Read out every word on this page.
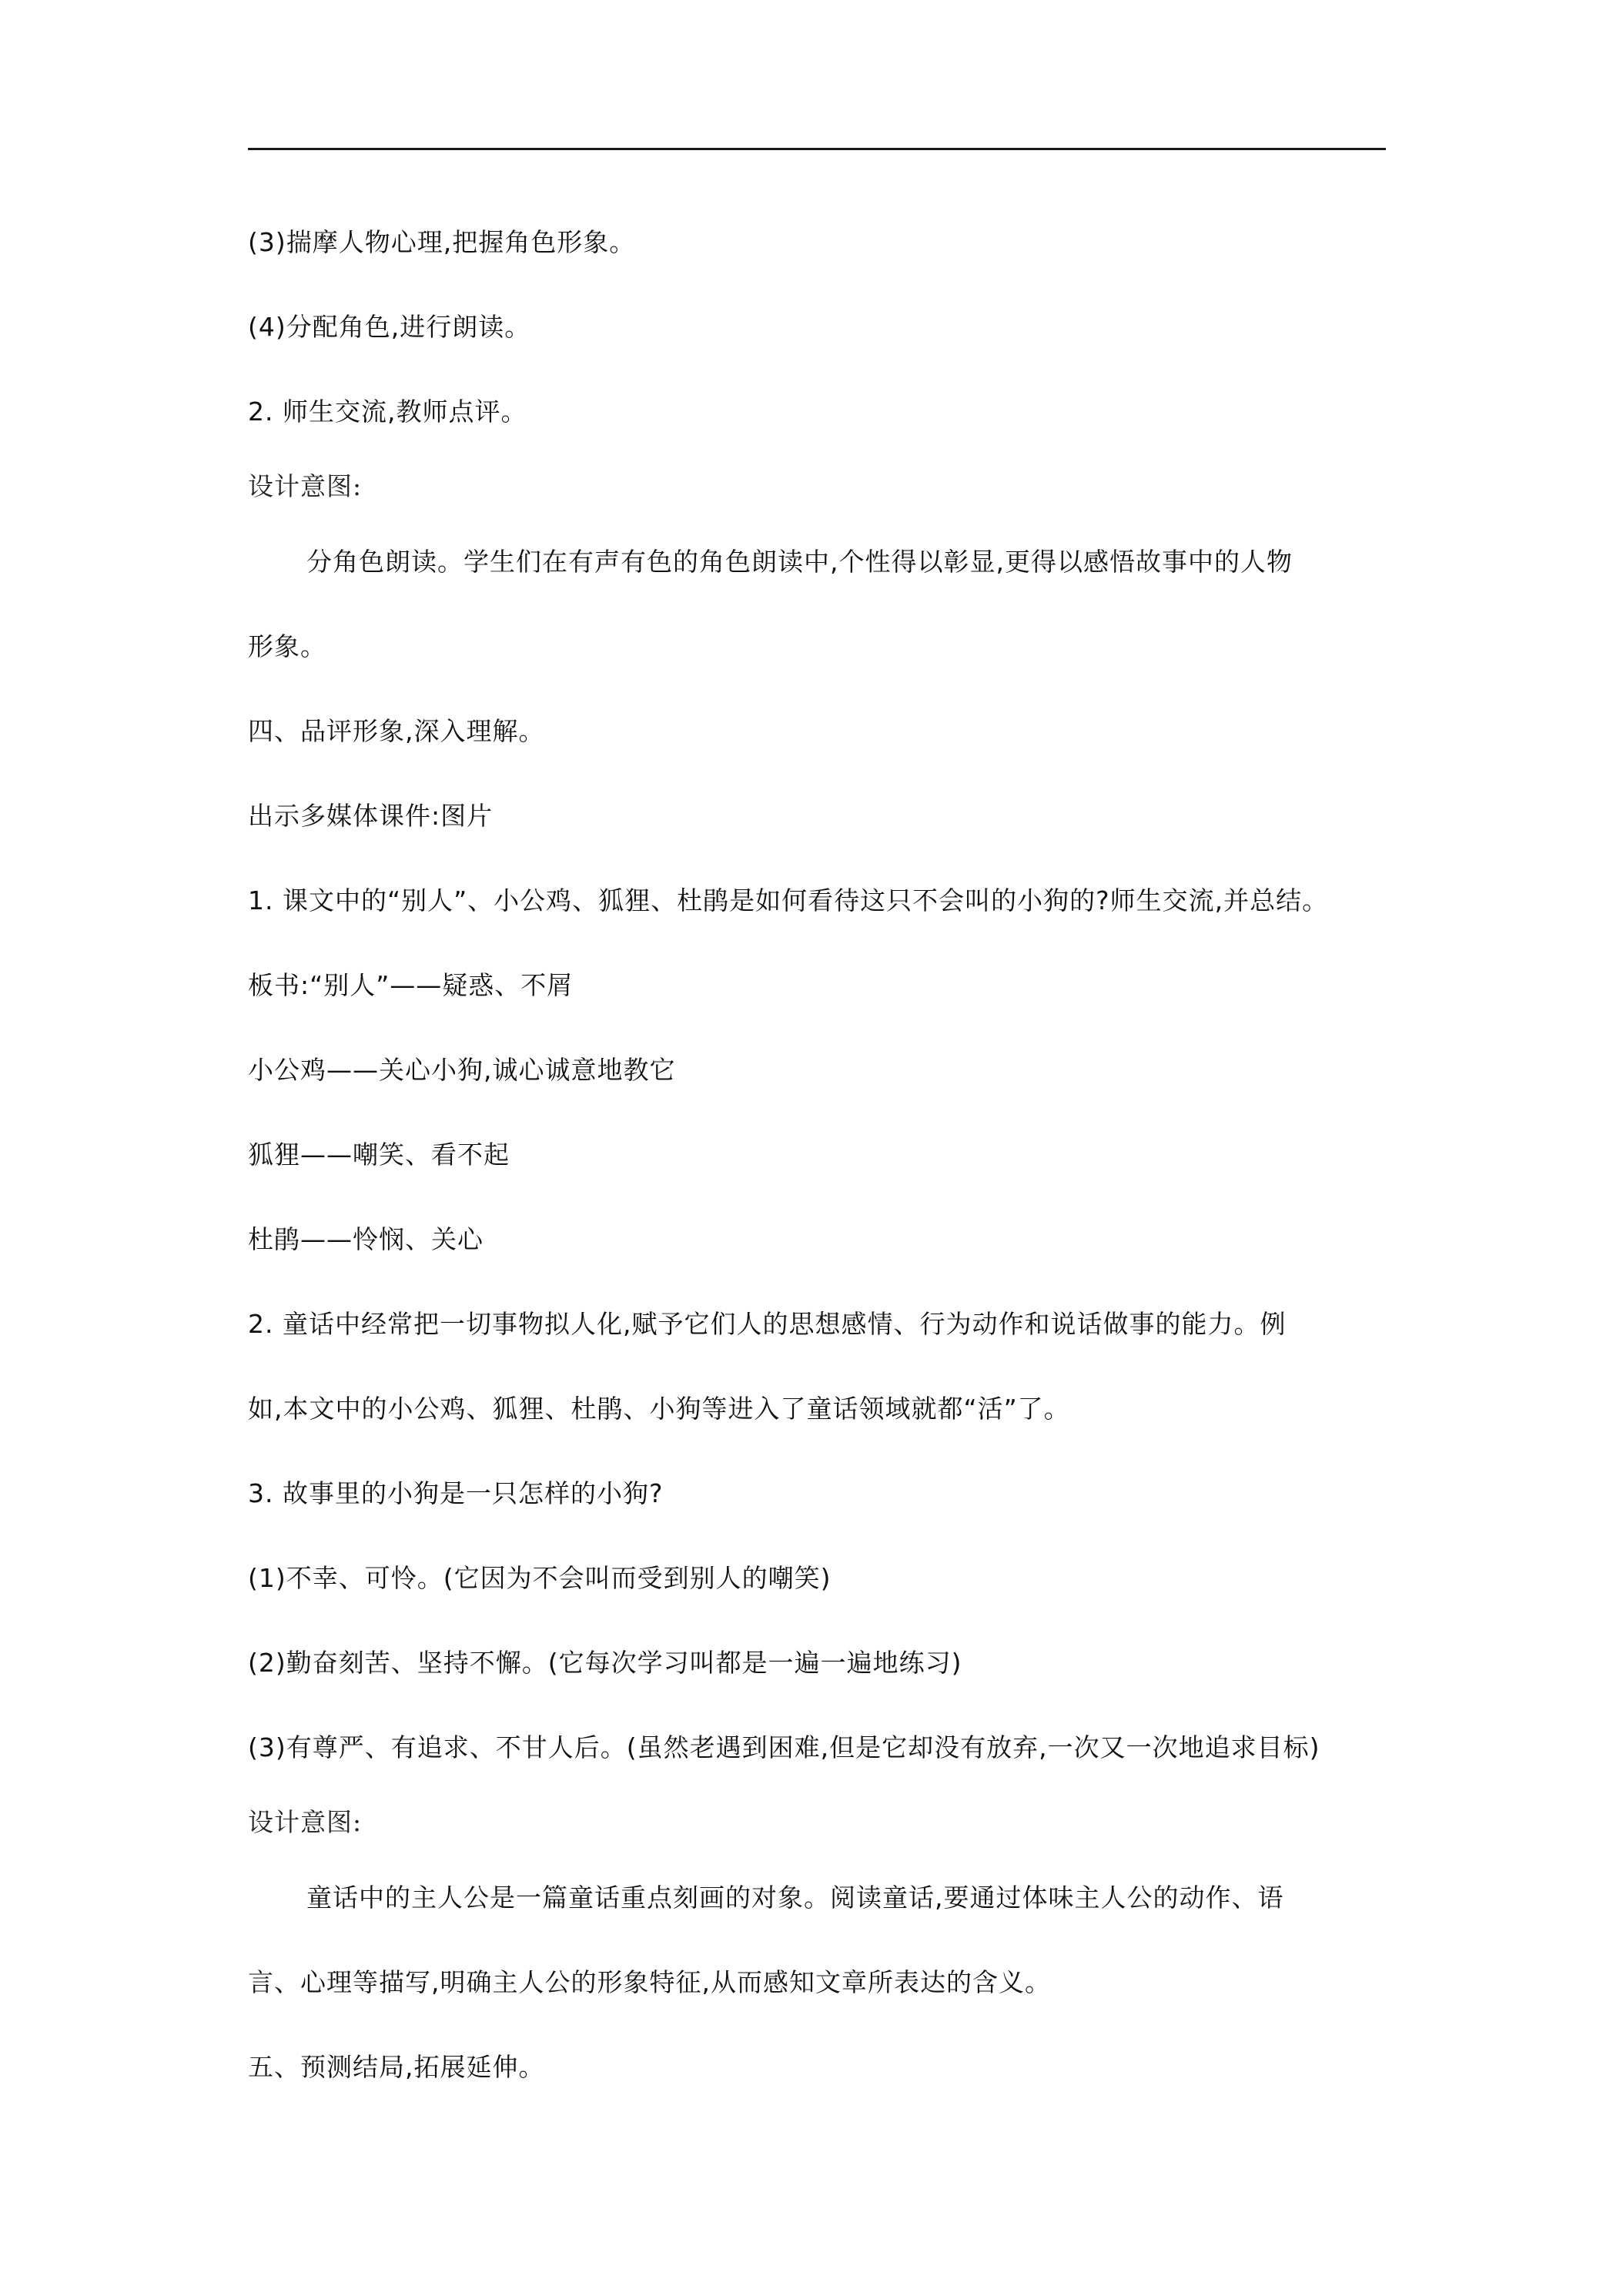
(3)揣摩人物心理,把握角色形象。
(4)分配角色,进行朗读。
2. 师生交流,教师点评。
设计意图:
分角色朗读。学生们在有声有色的角色朗读中,个性得以彰显,更得以感悟故事中的人物
形象。
四、品评形象,深入理解。
出示多媒体课件:图片
1. 课文中的“别人”、小公鸡、狐狸、杜鹃是如何看待这只不会叫的小狗的?师生交流,并总结。
板书:“别人”——疑惑、不屑
小公鸡——关心小狗,诚心诚意地教它
狐狸——嘲笑、看不起
杜鹃——怜悯、关心
2. 童话中经常把一切事物拟人化,赋予它们人的思想感情、行为动作和说话做事的能力。例
如,本文中的小公鸡、狐狸、杜鹃、小狗等进入了童话领域就都“活”了。
3. 故事里的小狗是一只怎样的小狗?
(1)不幸、可怜。(它因为不会叫而受到别人的嘲笑)
(2)勤奋刻苦、坚持不懈。(它每次学习叫都是一遍一遍地练习)
(3)有尊严、有追求、不甘人后。(虽然老遇到困难,但是它却没有放弃,一次又一次地追求目标)
设计意图:
童话中的主人公是一篇童话重点刻画的对象。阅读童话,要通过体味主人公的动作、语
言、心理等描写,明确主人公的形象特征,从而感知文章所表达的含义。
五、预测结局,拓展延伸。
